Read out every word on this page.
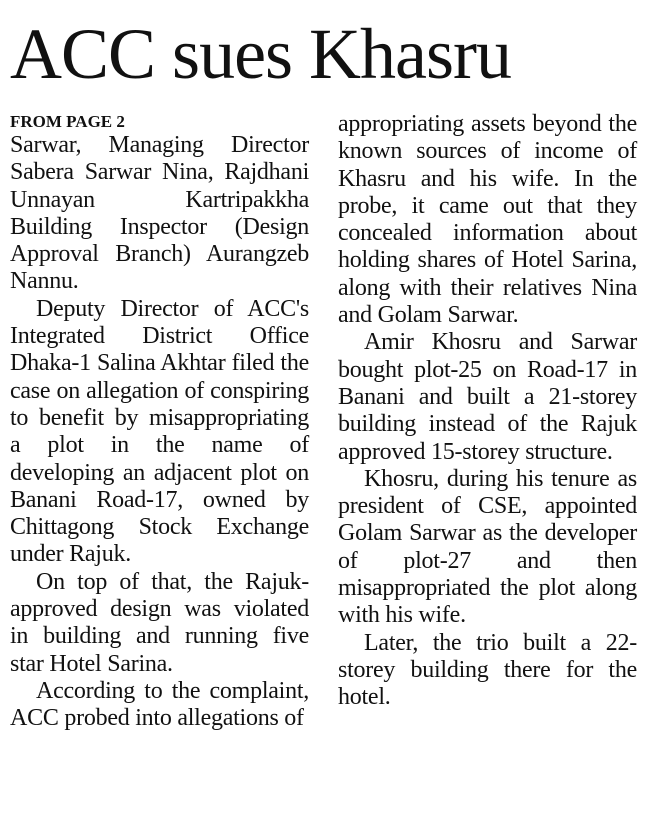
ACC sues Khasru
FROM PAGE 2

Sarwar, Managing Director Sabera Sarwar Nina, Rajdhani Unnayan Kartripakkha Building Inspector (Design Approval Branch) Aurangzeb Nannu.

Deputy Director of ACC's Integrated District Office Dhaka-1 Salina Akhtar filed the case on allegation of conspiring to benefit by misappropriating a plot in the name of developing an adjacent plot on Banani Road-17, owned by Chittagong Stock Exchange under Rajuk.

On top of that, the Rajuk-approved design was violated in building and running five star Hotel Sarina.

According to the complaint, ACC probed into allegations of

appropriating assets beyond the known sources of income of Khasru and his wife. In the probe, it came out that they concealed information about holding shares of Hotel Sarina, along with their relatives Nina and Golam Sarwar.

Amir Khosru and Sarwar bought plot-25 on Road-17 in Banani and built a 21-storey building instead of the Rajuk approved 15-storey structure.

Khosru, during his tenure as president of CSE, appointed Golam Sarwar as the developer of plot-27 and then misappropriated the plot along with his wife.

Later, the trio built a 22-storey building there for the hotel.
